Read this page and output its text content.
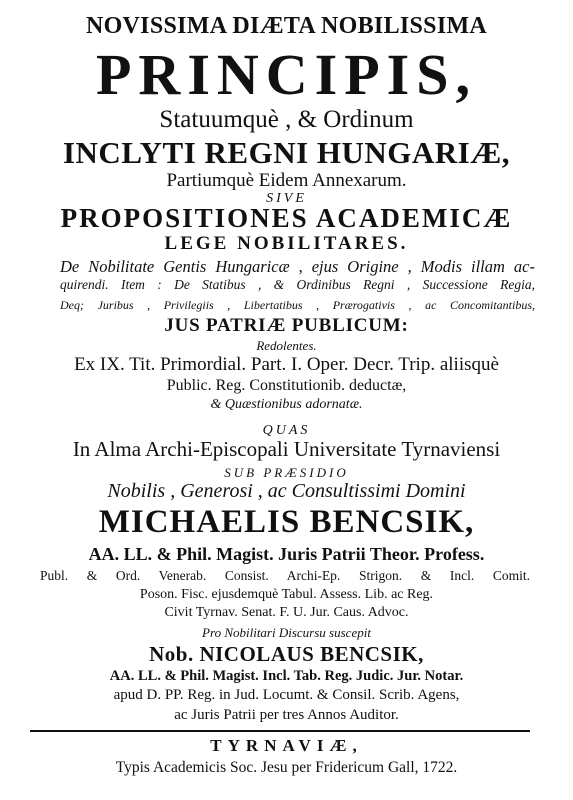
NOVISSIMA DIÆTA NOBILISSIMA
PRINCIPIS,
Statuumquè , & Ordinum
INCLYTI REGNI HUNGARIÆ,
Partiumquè Eidem Annexarum.
SIVE
PROPOSITIONES ACADEMICÆ
LEGE NOBILITARES.
De Nobilitate Gentis Hungaricæ , ejus Origine , Modis illam ac-
quirendi. Item : De Statibus , & Ordinibus Regni , Successione Regia,
Deq; Juribus , Privilegiis , Libertatibus , Prærogativis , ac Concomitantibus,
JUS PATRIÆ PUBLICUM:
Redolentes.
Ex IX. Tit. Primordial. Part. I. Oper. Decr. Trip. aliisquè
Public. Reg. Constitutionib. deductæ,
& Quæstionibus adornatæ.
QUAS
In Alma Archi-Episcopali Universitate Tyrnaviensi
SUB PRÆSIDIO
Nobilis , Generosi , ac Consultissimi Domini
MICHAELIS BENCSIK,
AA. LL. & Phil. Magist. Juris Patrii Theor. Profess.
Publ. & Ord. Venerab. Consist. Archi-Ep. Strigon. & Incl. Comit.
Poson. Fisc. ejusdemquè Tabul. Assess. Lib. ac Reg.
Civit Tyrnav. Senat. F. U. Jur. Caus. Advoc.
Pro Nobilitari Discursu suscepit
Nob. NICOLAUS BENCSIK,
AA. LL. & Phil. Magist. Incl. Tab. Reg. Judic. Jur. Notar.
apud D. PP. Reg. in Jud. Locumt. & Consil. Scrib. Agens,
ac Juris Patrii per tres Annos Auditor.
TYRNAVIÆ,
Typis Academicis Soc. Jesu per Fridericum Gall, 1722.
